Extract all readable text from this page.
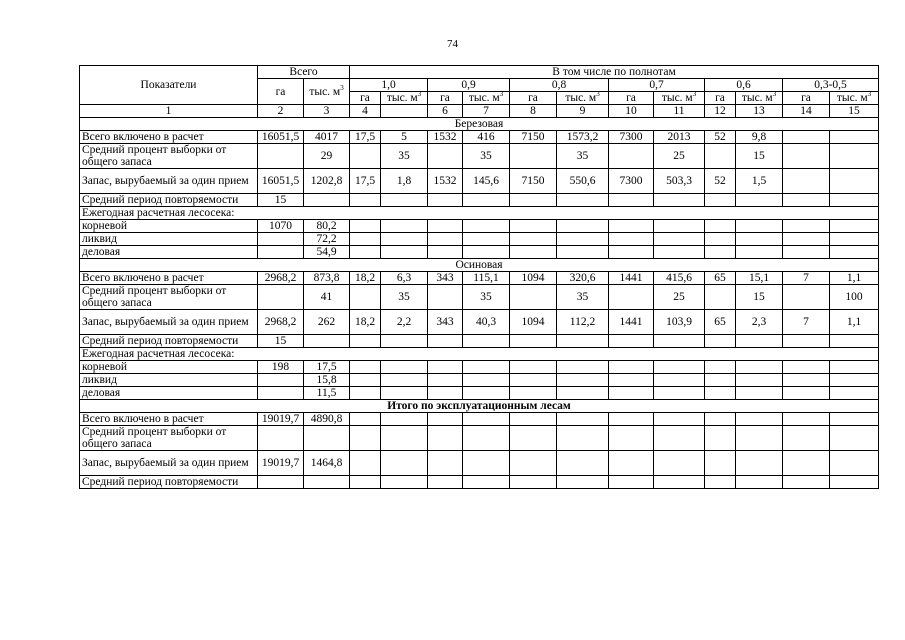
74
Показатели	Всего		В том числе по полнотам											
	га	тыс. $м^3$	1,0		0,9		0,8		0,7		0,6		0,3-0,5	
			га	тыс. $м^3$	га	тыс. $м^3$	га	тыс. $м^3$	га	тыс. $м^3$	га	тыс. $м^3$	га	тыс. $м^3$
1	2	3	4		6	7	8	9	10	11	12	13	14	15
Березовая														
Всего включено в расчет	16051,5	4017	17,5	5	1532	416	7150	1573,2	7300	2013	52	9,8		
Средний процент выборки от общего запаса		29		35		35		35		25		15		
Запас, вырубаемый за один прием	16051,5	1202,8	17,5	1,8	1532	145,6	7150	550,6	7300	503,3	52	1,5		
Средний период повторяемости	15													
Ежегодная расчетная лесосека:														
корневой	1070	80,2												
ликвид		72,2												
деловая		54,9												
Осиновая														
Всего включено в расчет	2968,2	873,8	18,2	6,3	343	115,1	1094	320,6	1441	415,6	65	15,1	7	1,1
Средний процент выборки от общего запаса		41		35		35		35		25		15		100
Запас, вырубаемый за один прием	2968,2	262	18,2	2,2	343	40,3	1094	112,2	1441	103,9	65	2,3	7	1,1
Средний период повторяемости	15													
Ежегодная расчетная лесосека:														
корневой	198	17,5												
ликвид		15,8												
деловая		11,5												
Итого по эксплуатационным лесам														
Всего включено в расчет	19019,7	4890,8												
Средний процент выборки от общего запаса														
Запас, вырубаемый за один прием	19019,7	1464,8												
Средний период повторяемости														
